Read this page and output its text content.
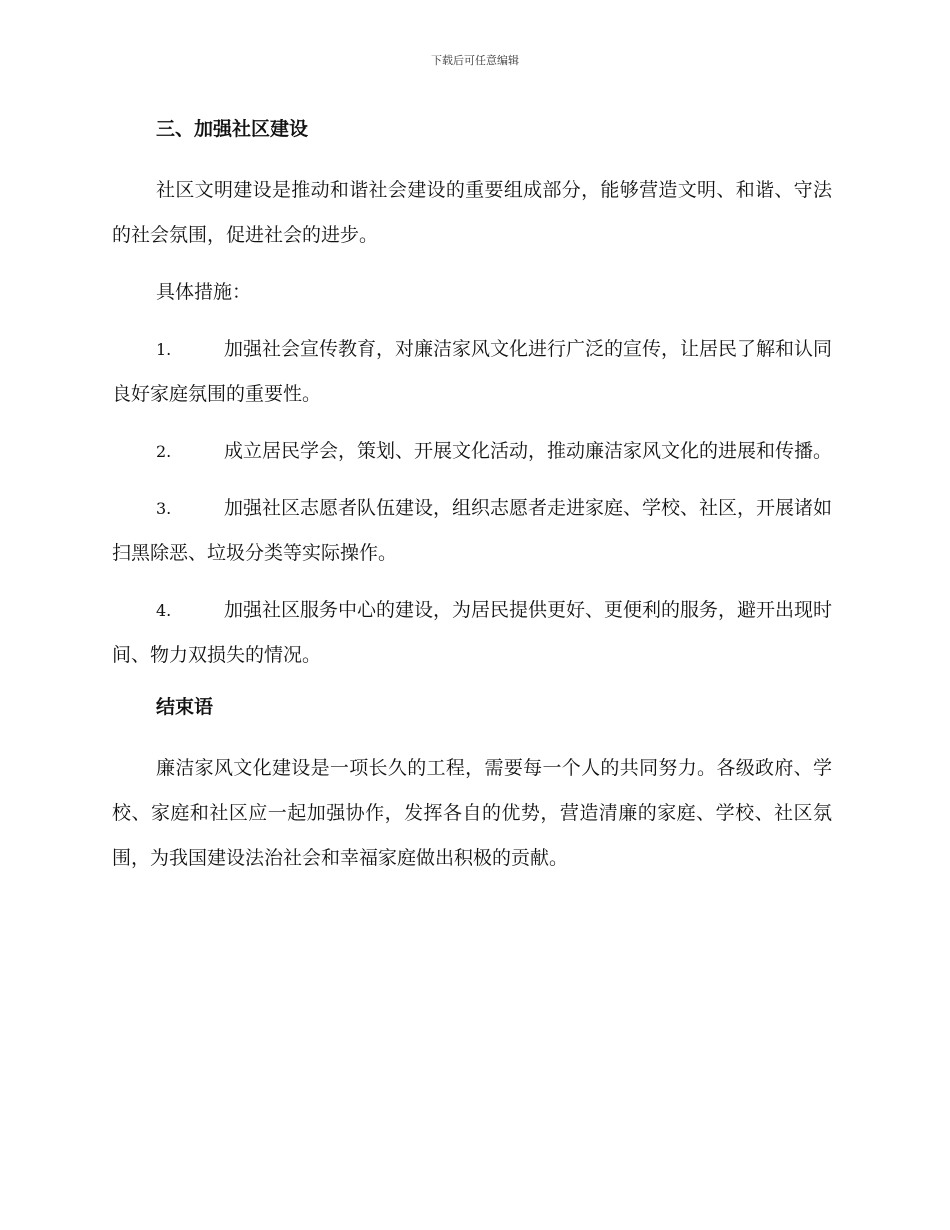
下载后可任意编辑
三、加强社区建设

社区文明建设是推动和谐社会建设的重要组成部分，能够营造文明、和谐、守法的社会氛围，促进社会的进步。

具体措施：

1.	加强社会宣传教育，对廉洁家风文化进行广泛的宣传，让居民了解和认同良好家庭氛围的重要性。

2.	成立居民学会，策划、开展文化活动，推动廉洁家风文化的进展和传播。

3.	加强社区志愿者队伍建设，组织志愿者走进家庭、学校、社区，开展诸如扫黑除恶、垃圾分类等实际操作。

4.	加强社区服务中心的建设，为居民提供更好、更便利的服务，避开出现时间、物力双损失的情况。

结束语

廉洁家风文化建设是一项长久的工程，需要每一个人的共同努力。各级政府、学校、家庭和社区应一起加强协作，发挥各自的优势，营造清廉的家庭、学校、社区氛围，为我国建设法治社会和幸福家庭做出积极的贡献。
